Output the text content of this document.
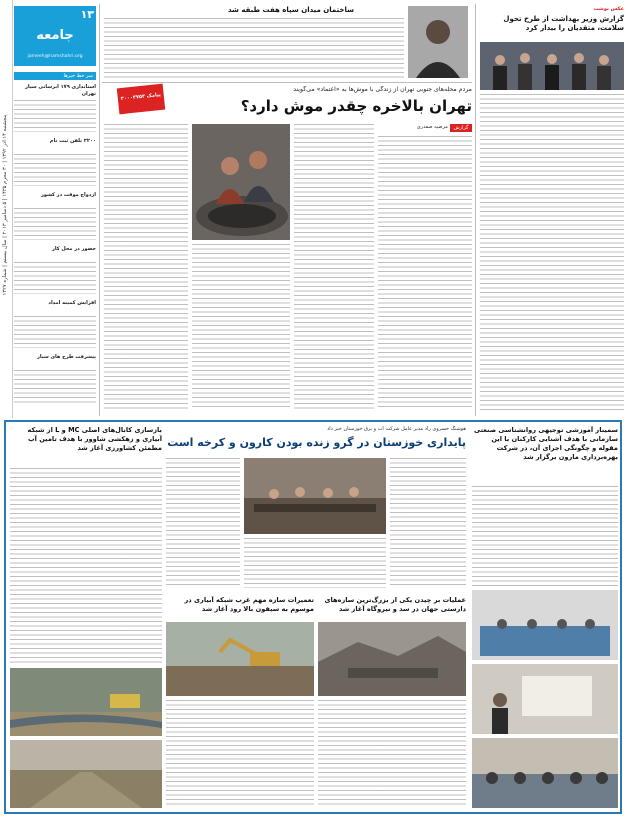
پنجشنبه ۱۴ آذر ۱۳۹۲ | ۳۰ محرم ۱۴۳۵ | ۵ دسامبر ۲۰۱۳ | سال بیستم | شماره ۱۳۲۷
۱۳
جامعه
jameeh@hamshahri.org
سر خط خبرها
استانداری ۱۷۹ آبرسانی سیار تهران
۳۲۰۰ تلفن ثبت نام
ازدواج موقت در کشور
حضور در محل کار
افزایش کمیته امداد
پیشرفت طرح های سیار
ساختمان میدان سپاه هفت طبقه شد
مردم محله‌های جنوبی تهران از زندگی با موش‌ها به «اعتماد» می‌گویند
تهران بالاخره چقدر موش دارد؟
پیامک ۳۰۰۰۳۷۵۳
گزارش
مرضیه صفدری
عکس نوشت
گزارش وزیر بهداشت از طرح تحول سلامت، متقدیان را بیدار کرد
بازسازی کانال‌های اصلی MC و L از شبکه آبیاری و زهکشی شاوور با هدف تامین آب مطمئن کشاورزی آغاز شد
هوشنگ خسروی راد مدیر عامل شرکت آب و برق خوزستان خبر داد
پایداری خوزستان در گرو زنده بودن کارون و کرخه است
تعمیرات سازه مهم غرب شبکه آبیاری در موسوم به سیفون بالا رود آغاز شد
عملیات بر چیدن یکی از بزرگ‌ترین سازه‌های دارستی جهان در سد و نیروگاه آغاز شد
سمینار آموزشی توجیهی روانشناسی صنعتی سازمانی با هدف آشنایی کارکنان با این مقوله و چگونگی اجرای آن، در شرکت بهره‌برداری مارون برگزار شد
